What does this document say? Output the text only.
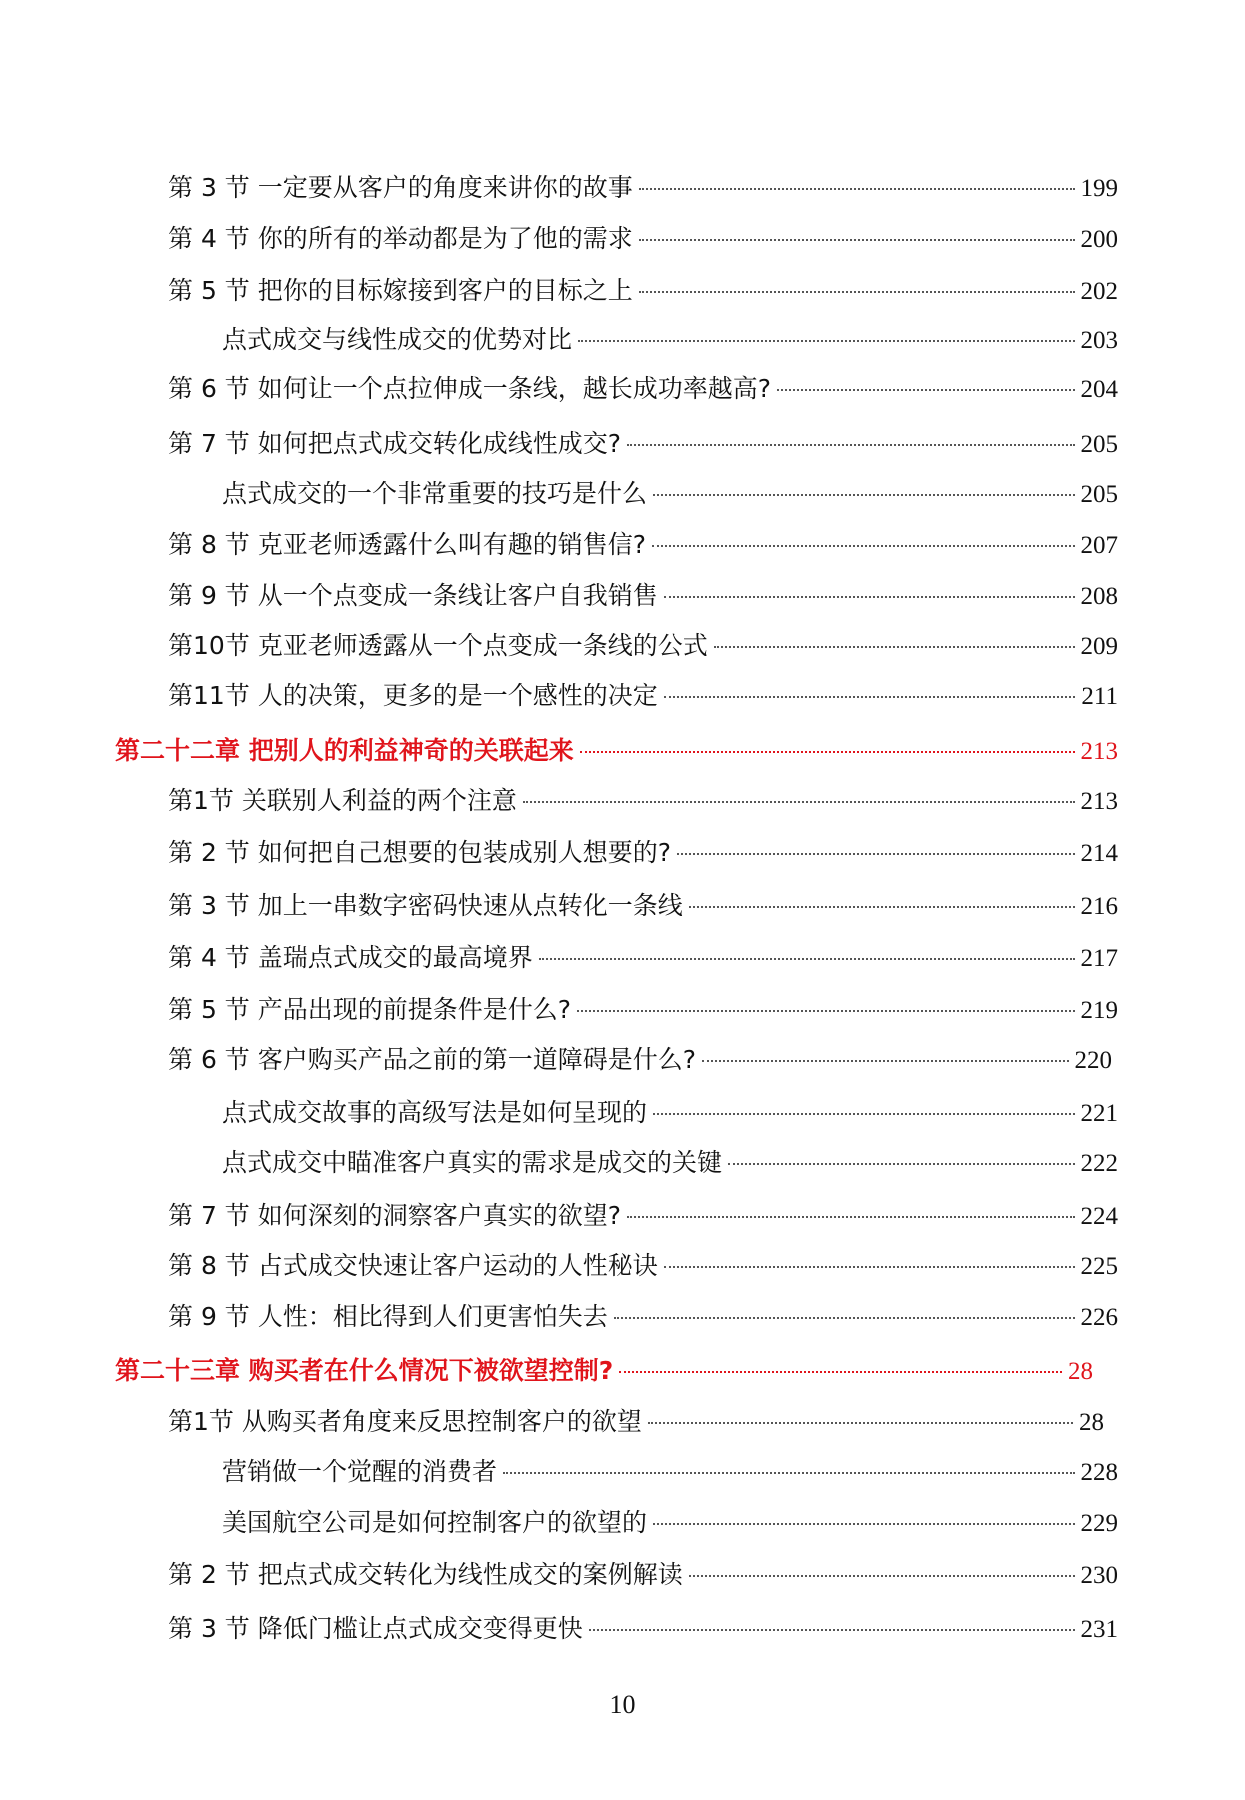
第 3 节 一定要从客户的角度来讲你的故事	199
第 4 节 你的所有的举动都是为了他的需求	200
第 5 节 把你的目标嫁接到客户的目标之上	202
点式成交与线性成交的优势对比	203
第 6 节 如何让一个点拉伸成一条线，越长成功率越高?	204
第 7 节 如何把点式成交转化成线性成交?	205
点式成交的一个非常重要的技巧是什么	205
第 8 节 克亚老师透露什么叫有趣的销售信?	207
第 9 节 从一个点变成一条线让客户自我销售	208
第10节 克亚老师透露从一个点变成一条线的公式	209
第11节 人的决策，更多的是一个感性的决定	211
第二十二章 把别人的利益神奇的关联起来	213
第1节 关联别人利益的两个注意	213
第 2 节 如何把自己想要的包装成别人想要的?	214
第 3 节 加上一串数字密码快速从点转化一条线	216
第 4 节 盖瑞点式成交的最高境界	217
第 5 节 产品出现的前提条件是什么?	219
第 6 节 客户购买产品之前的第一道障碍是什么?	220
点式成交故事的高级写法是如何呈现的	221
点式成交中瞄准客户真实的需求是成交的关键	222
第 7 节 如何深刻的洞察客户真实的欲望?	224
第 8 节 占式成交快速让客户运动的人性秘诀	225
第 9 节 人性：相比得到人们更害怕失去	226
第二十三章 购买者在什么情况下被欲望控制?	28
第1节 从购买者角度来反思控制客户的欲望	28
营销做一个觉醒的消费者	228
美国航空公司是如何控制客户的欲望的	229
第 2 节 把点式成交转化为线性成交的案例解读	230
第 3 节 降低门槛让点式成交变得更快	231
10
